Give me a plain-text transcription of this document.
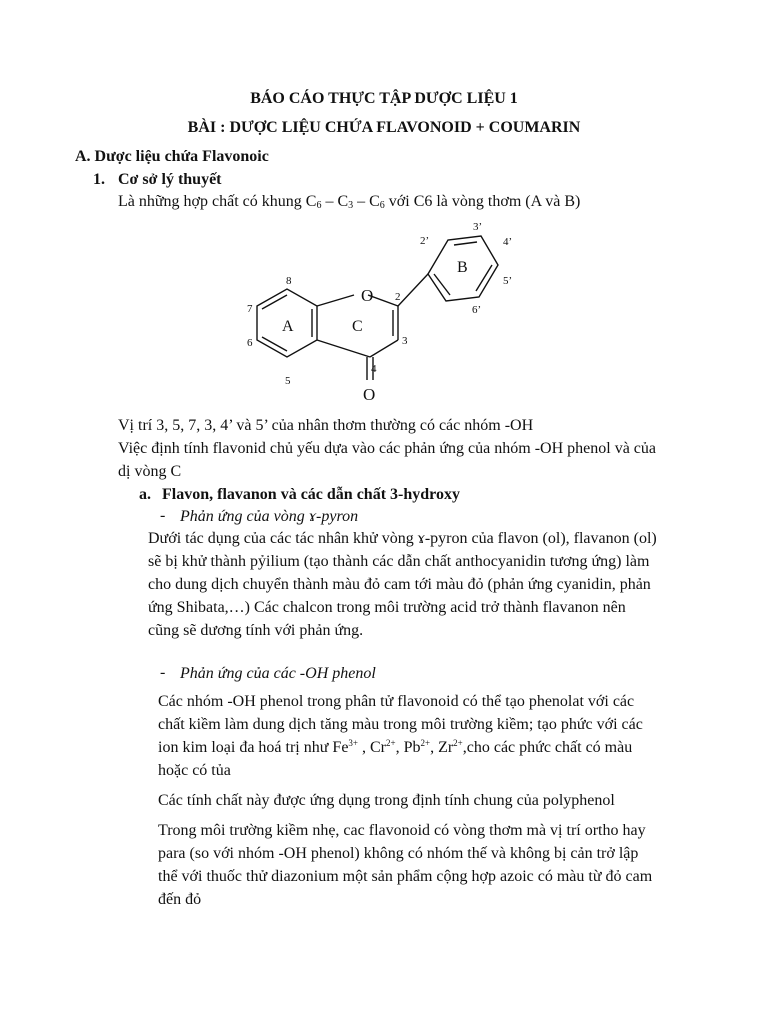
BÁO CÁO THỰC TẬP DƯỢC LIỆU 1
BÀI : DƯỢC LIỆU CHỨA FLAVONOID + COUMARIN
A. Dược liệu chứa Flavonoic
1. Cơ sở lý thuyết
Là những hợp chất có khung $C_6 - C_3 - C_6$ với C6 là vòng thơm (A và B)
O
O
A	C
B
8
7
6
5
2
3
4
2’
3’
4’
5’
6’
Vị trí 3, 5, 7, 3, 4’ và 5’ của nhân thơm thường có các nhóm -OH
Việc định tính flavonid chủ yếu dựa vào các phản ứng của nhóm -OH phenol và của
dị vòng C
a. Flavon, flavanon và các dẫn chất 3-hydroxy
- Phản ứng của vòng ɤ-pyron
Dưới tác dụng của các tác nhân khử vòng ɤ-pyron của flavon (ol), flavanon (ol)
sẽ bị khử thành pỷilium (tạo thành các dẫn chất anthocyanidin tương ứng) làm
cho dung dịch chuyển thành màu đỏ cam tới màu đỏ (phản ứng cyanidin, phản
ứng Shibata,…) Các chalcon trong môi trường acid trở thành flavanon nên
cũng sẽ dương tính với phản ứng.
- Phản ứng của các -OH phenol
Các nhóm -OH phenol trong phân tử flavonoid có thể tạo phenolat với các
chất kiềm làm dung dịch tăng màu trong môi trường kiềm; tạo phức với các
ion kim loại đa hoá trị như $Fe^{3+}$ , $Cr^{2+}$, $Pb^{2+}$, $Zr^{2+},cho$ các phức chất có màu
hoặc có tủa
Các tính chất này được ứng dụng trong định tính chung của polyphenol
Trong môi trường kiềm nhẹ, cac flavonoid có vòng thơm mà vị trí ortho hay
para (so với nhóm -OH phenol) không có nhóm thế và không bị cản trở lập
thể với thuốc thử diazonium một sản phẩm cộng hợp azoic có màu từ đỏ cam
đến đỏ
